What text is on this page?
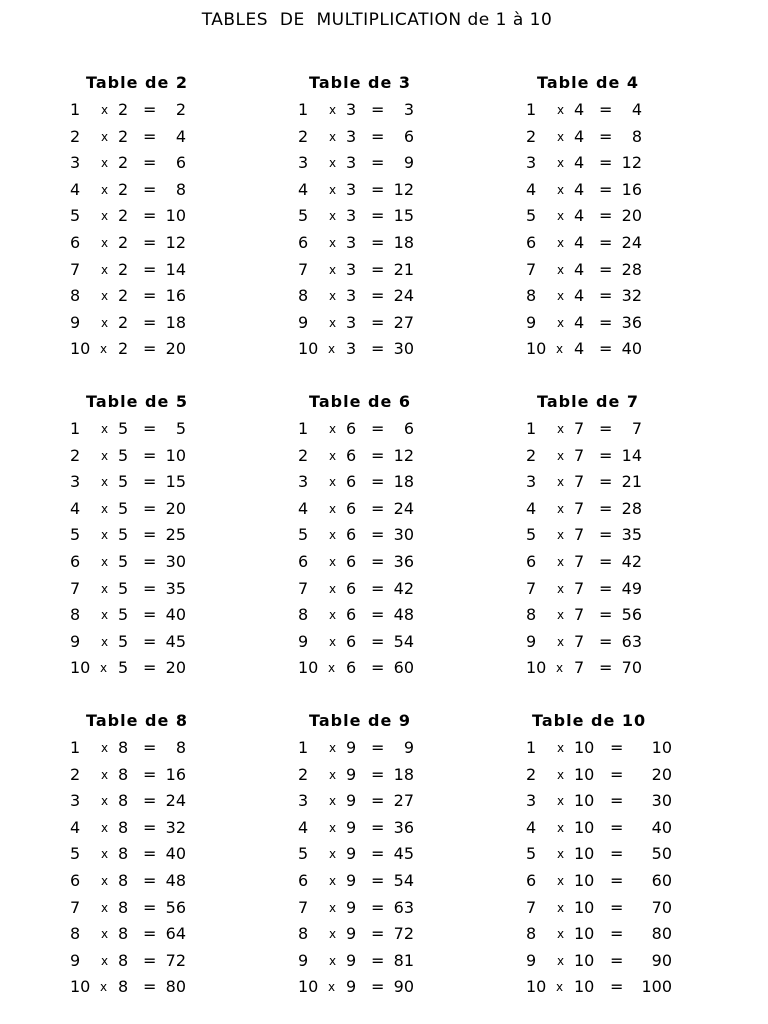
TABLES  DE  MULTIPLICATION de 1 à 10
Table de 2
1 x 2 =	2
2 x 2 =	4
3 x 2 =	6
4 x 2 =	8
5 x 2 = 10
6 x 2 = 12
7 x 2 = 14
8 x 2 = 16
9 x 2 = 18
10 x 2 = 20
Table de 3
1 x 3 =	3
2 x 3 =	6
3 x 3 =	9
4 x 3 = 12
5 x 3 = 15
6 x 3 = 18
7 x 3 = 21
8 x 3 = 24
9 x 3 = 27
10 x 3 = 30
Table de 4
1 x 4 =	4
2 x 4 =	8
3 x 4 = 12
4 x 4 = 16
5 x 4 = 20
6 x 4 = 24
7 x 4 = 28
8 x 4 = 32
9 x 4 = 36
10 x 4 = 40
Table de 5
1 x 5 =	5
2 x 5 = 10
3 x 5 = 15
4 x 5 = 20
5 x 5 = 25
6 x 5 = 30
7 x 5 = 35
8 x 5 = 40
9 x 5 = 45
10 x 5 = 20
Table de 6
1 x 6 =	6
2 x 6 = 12
3 x 6 = 18
4 x 6 = 24
5 x 6 = 30
6 x 6 = 36
7 x 6 = 42
8 x 6 = 48
9 x 6 = 54
10 x 6 = 60
Table de 7
1 x 7 =	7
2 x 7 = 14
3 x 7 = 21
4 x 7 = 28
5 x 7 = 35
6 x 7 = 42
7 x 7 = 49
8 x 7 = 56
9 x 7 = 63
10 x 7 = 70
Table de 8
1 x 8 =	8
2 x 8 = 16
3 x 8 = 24
4 x 8 = 32
5 x 8 = 40
6 x 8 = 48
7 x 8 = 56
8 x 8 = 64
9 x 8 = 72
10 x 8 = 80
Table de 9
1 x 9 =	9
2 x 9 = 18
3 x 9 = 27
4 x 9 = 36
5 x 9 = 45
6 x 9 = 54
7 x 9 = 63
8 x 9 = 72
9 x 9 = 81
10 x 9 = 90
Table de 10
1 x 10 =	10
2 x 10 =	20
3 x 10 =	30
4 x 10 =	40
5 x 10 =	50
6 x 10 =	60
7 x 10 =	70
8 x 10 =	80
9 x 10 =	90
10 x 10 =	100
